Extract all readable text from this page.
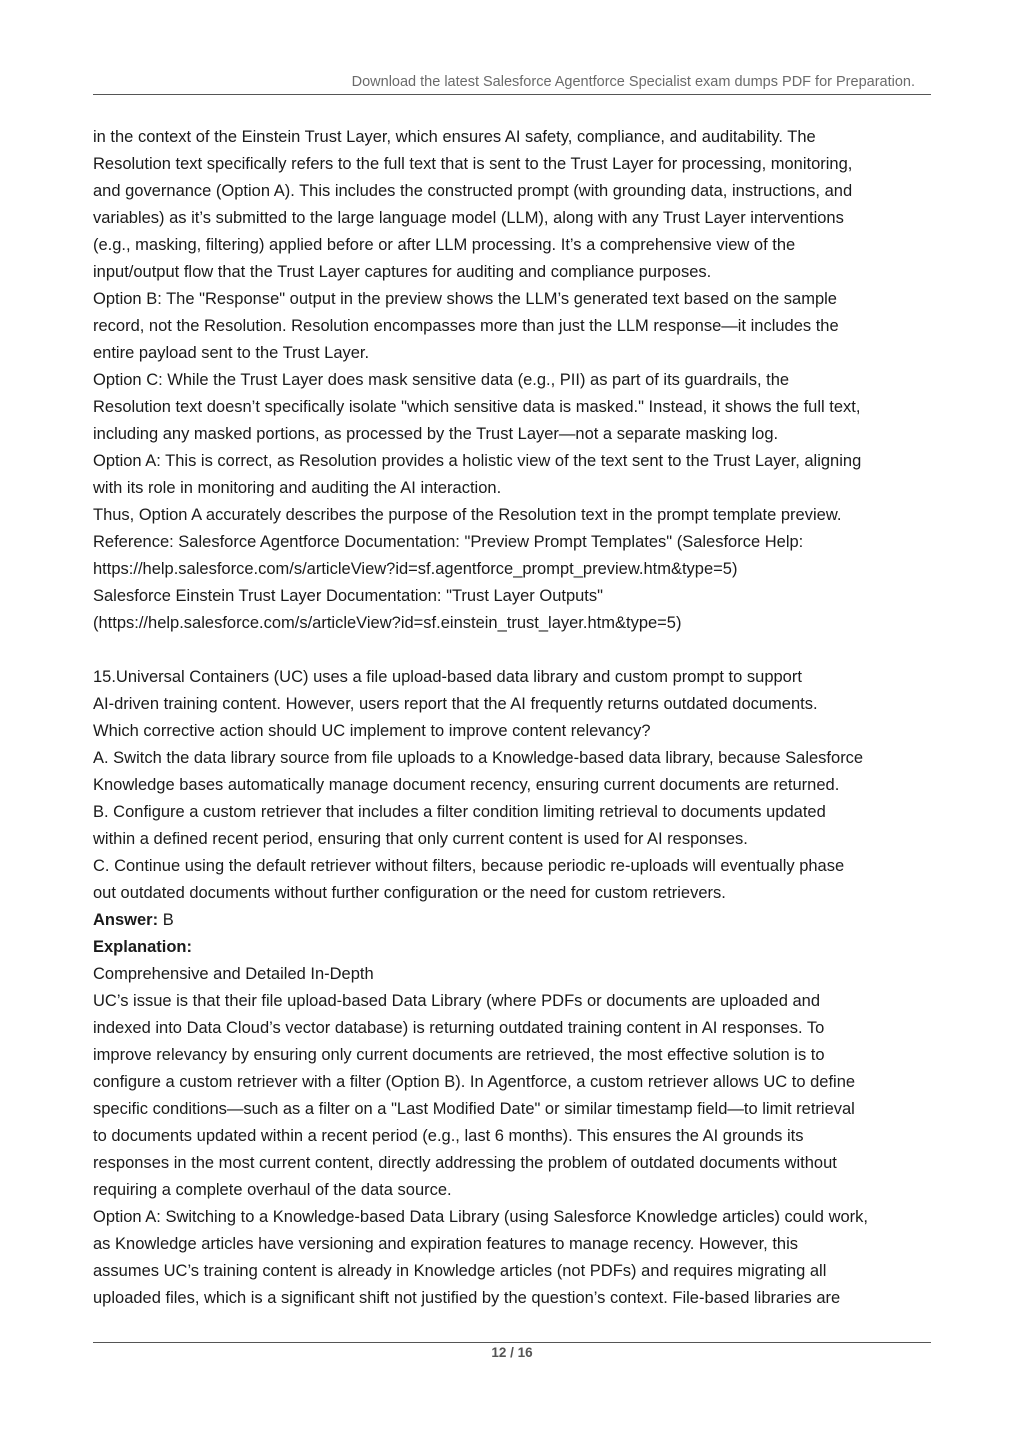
Download the latest Salesforce Agentforce Specialist exam dumps PDF for Preparation.
in the context of the Einstein Trust Layer, which ensures AI safety, compliance, and auditability. The
Resolution text specifically refers to the full text that is sent to the Trust Layer for processing, monitoring,
and governance (Option A). This includes the constructed prompt (with grounding data, instructions, and
variables) as it’s submitted to the large language model (LLM), along with any Trust Layer interventions
(e.g., masking, filtering) applied before or after LLM processing. It’s a comprehensive view of the
input/output flow that the Trust Layer captures for auditing and compliance purposes.
Option B: The "Response" output in the preview shows the LLM’s generated text based on the sample
record, not the Resolution. Resolution encompasses more than just the LLM response—it includes the
entire payload sent to the Trust Layer.
Option C: While the Trust Layer does mask sensitive data (e.g., PII) as part of its guardrails, the
Resolution text doesn’t specifically isolate "which sensitive data is masked." Instead, it shows the full text,
including any masked portions, as processed by the Trust Layer—not a separate masking log.
Option A: This is correct, as Resolution provides a holistic view of the text sent to the Trust Layer, aligning
with its role in monitoring and auditing the AI interaction.
Thus, Option A accurately describes the purpose of the Resolution text in the prompt template preview.
Reference: Salesforce Agentforce Documentation: "Preview Prompt Templates" (Salesforce Help:
https://help.salesforce.com/s/articleView?id=sf.agentforce_prompt_preview.htm&type=5)
Salesforce Einstein Trust Layer Documentation: "Trust Layer Outputs"
(https://help.salesforce.com/s/articleView?id=sf.einstein_trust_layer.htm&type=5)
15.Universal Containers (UC) uses a file upload-based data library and custom prompt to support
AI-driven training content. However, users report that the AI frequently returns outdated documents.
Which corrective action should UC implement to improve content relevancy?
A. Switch the data library source from file uploads to a Knowledge-based data library, because Salesforce
Knowledge bases automatically manage document recency, ensuring current documents are returned.
B. Configure a custom retriever that includes a filter condition limiting retrieval to documents updated
within a defined recent period, ensuring that only current content is used for AI responses.
C. Continue using the default retriever without filters, because periodic re-uploads will eventually phase
out outdated documents without further configuration or the need for custom retrievers.
Answer: B
Explanation:
Comprehensive and Detailed In-Depth
UC’s issue is that their file upload-based Data Library (where PDFs or documents are uploaded and
indexed into Data Cloud’s vector database) is returning outdated training content in AI responses. To
improve relevancy by ensuring only current documents are retrieved, the most effective solution is to
configure a custom retriever with a filter (Option B). In Agentforce, a custom retriever allows UC to define
specific conditions—such as a filter on a "Last Modified Date" or similar timestamp field—to limit retrieval
to documents updated within a recent period (e.g., last 6 months). This ensures the AI grounds its
responses in the most current content, directly addressing the problem of outdated documents without
requiring a complete overhaul of the data source.
Option A: Switching to a Knowledge-based Data Library (using Salesforce Knowledge articles) could work,
as Knowledge articles have versioning and expiration features to manage recency. However, this
assumes UC’s training content is already in Knowledge articles (not PDFs) and requires migrating all
uploaded files, which is a significant shift not justified by the question’s context. File-based libraries are
12 / 16
